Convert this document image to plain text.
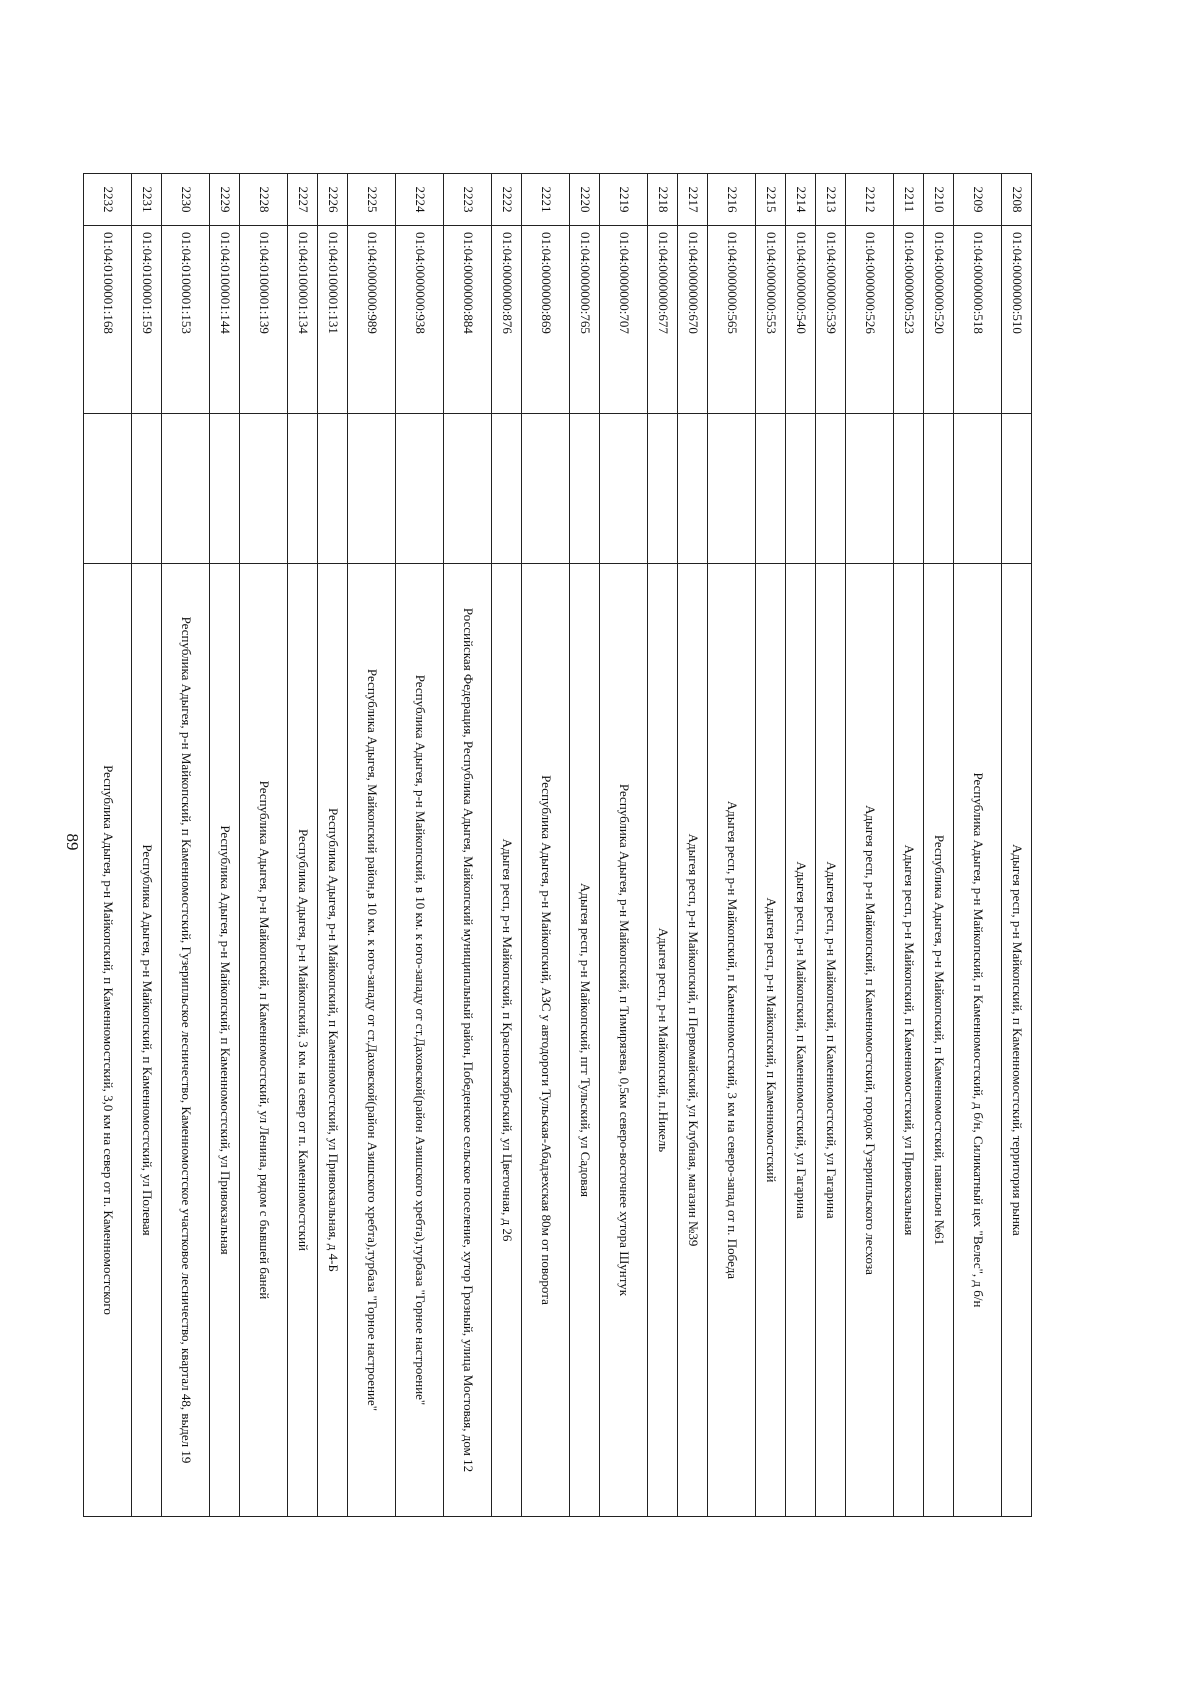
89
2208	01:04:0000000:510		Адыгея респ, р-н Майкопский, п Каменномостский, территория рынка
2209	01:04:0000000:518		Республика Адыгея, р-н Майкопский, п Каменномостский, д б/н, Силикатный цех "Велес", д б/н
2210	01:04:0000000:520		Республика Адыгея, р-н Майкопский, п Каменномостский, павильон №61
2211	01:04:0000000:523		Адыгея респ, р-н Майкопский, п Каменномостский, ул Привокзальная
2212	01:04:0000000:526		Адыгея респ, р-н Майкопский, п Каменномостский, городок Гузерипльского лесхоза
2213	01:04:0000000:539		Адыгея респ, р-н Майкопский, п Каменномостский, ул Гагарина
2214	01:04:0000000:540		Адыгея респ, р-н Майкопский, п Каменномостский, ул Гагарина
2215	01:04:0000000:553		Адыгея респ, р-н Майкопский, п Каменномостский
2216	01:04:0000000:565		Адыгея респ, р-н Майкопский, п Каменномостский, 3 км на северо-запад от п. Победа
2217	01:04:0000000:670		Адыгея респ, р-н Майкопский, п Первомайский, ул Клубная, магазин №39
2218	01:04:0000000:677		Адыгея респ, р-н Майкопский, п.Никель
2219	01:04:0000000:707		Республика Адыгея, р-н Майкопский, п Тимирязева, 0,5км северо-восточнее хутора Шунтук
2220	01:04:0000000:765		Адыгея респ, р-н Майкопский, пгт Тульский, ул Садовая
2221	01:04:0000000:869		Республика Адыгея, р-н Майкопский, АЗС у автодороги Тульская-Абадзехская 80м от поворота
2222	01:04:0000000:876		Адыгея респ, р-н Майкопский, п Краснооктябрьский, ул Цветочная, д 26
2223	01:04:0000000:884		Российская Федерация, Республика Адыгея, Майкопский муниципальный район, Победенское сельское поселение, хутор Грозный, улица Мостовая, дом 12
2224	01:04:0000000:938		Республика Адыгея, р-н Майкопский, в 10 км. к юго-западу от ст.Даховской(район Азишского хребта),турбаза "Горное настроение"
2225	01:04:0000000:989		Республика Адыгея, Майкопский район,в 10 км. к юго-западу от ст.Даховской(район Азишского хребта),турбаза "Горное настроение"
2226	01:04:0100001:131		Республика Адыгея, р-н Майкопский, п Каменномостский, ул Привокзальная, д 4-Б
2227	01:04:0100001:134		Республика Адыгея, р-н Майкопский, 3 км. на север от п. Каменномостский
2228	01:04:0100001:139		Республика Адыгея, р-н Майкопский, п Каменномостский, ул Ленина, рядом с бывшей баней
2229	01:04:0100001:144		Республика Адыгея, р-н Майкопский, п Каменномостский, ул Привокзальная
2230	01:04:0100001:153		Республика Адыгея, р-н Майкопский, п Каменномостский, Гузерипльское лесничество, Каменномостское участковое лесничество, квартал 48, выдел 19
2231	01:04:0100001:159		Республика Адыгея, р-н Майкопский, п Каменномостский, ул Полевая
2232	01:04:0100001:168		Республика Адыгея, р-н Майкопский, п Каменномостский, 3,0 км на север от п. Каменномостского
